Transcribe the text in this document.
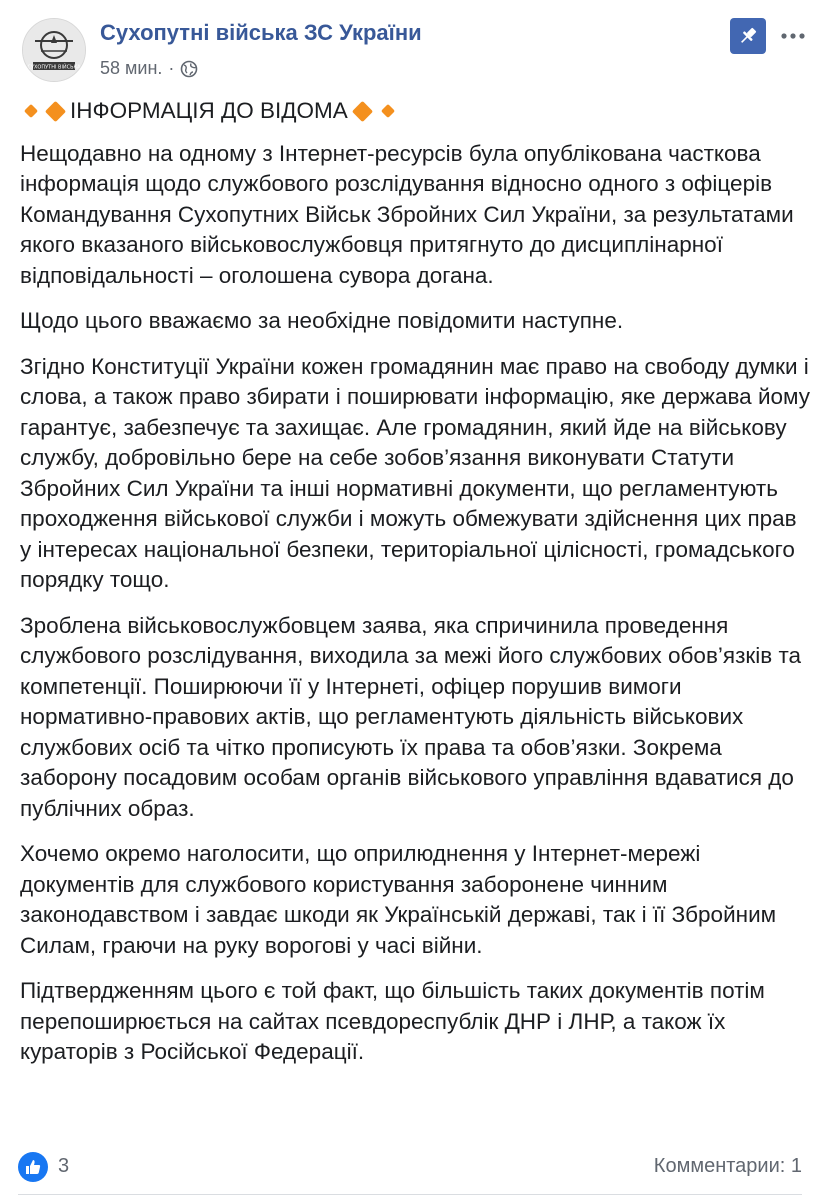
СУХОПУТНІ ВІЙСЬКА
Сухопутні війська ЗС України
58 мин. ·
ІНФОРМАЦІЯ ДО ВІДОМА

Нещодавно на одному з Інтернет-ресурсів була опублікована часткова інформація щодо службового розслідування відносно одного з офіцерів Командування Сухопутних Військ Збройних Сил України, за результатами якого вказаного військовослужбовця притягнуто до дисциплінарної відповідальності – оголошена сувора догана.

Щодо цього вважаємо за необхідне повідомити наступне.

Згідно Конституції України кожен громадянин має право на свободу думки і слова, а також право збирати і поширювати інформацію, яке держава йому гарантує, забезпечує та захищає. Але громадянин, який йде на військову службу, добровільно бере на себе зобов’язання виконувати Статути Збройних Сил України та інші нормативні документи, що регламентують проходження військової служби і можуть обмежувати здійснення цих прав у інтересах національної безпеки, територіальної цілісності, громадського порядку тощо.

Зроблена військовослужбовцем заява, яка спричинила проведення службового розслідування, виходила за межі його службових обов’язків та компетенції. Поширюючи її у Інтернеті, офіцер порушив вимоги нормативно-правових актів, що регламентують діяльність військових службових осіб та чітко прописують їх права та обов’язки. Зокрема заборону посадовим особам органів військового управління вдаватися до публічних образ.

Хочемо окремо наголосити, що оприлюднення у Інтернет-мережі документів для службового користування заборонене чинним законодавством і завдає шкоди як Українській державі, так і її Збройним Силам, граючи на руку ворогові у часі війни.

Підтвердженням цього є той факт, що більшість таких документів потім перепоширюється на сайтах псевдореспублік ДНР і ЛНР, а також їх кураторів з Російської Федерації.

3	Комментарии: 1
